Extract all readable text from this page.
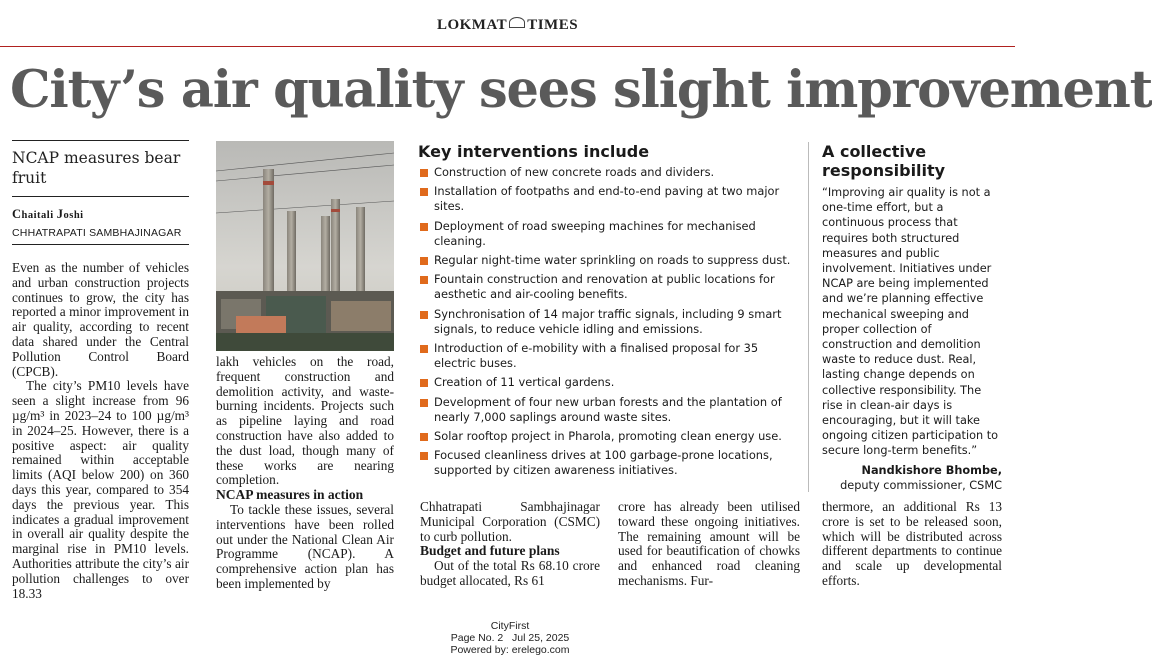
LOKMAT TIMES
City’s air quality sees slight improvement
NCAP measures bear fruit
Chaitali Joshi
CHHATRAPATI SAMBHAJINAGAR

Even as the number of vehicles and urban construction projects continues to grow, the city has reported a minor improvement in air quality, according to recent data shared under the Central Pollution Control Board (CPCB).

The city’s PM10 levels have seen a slight increase from 96 µg/m³ in 2023–24 to 100 µg/m³ in 2024–25. However, there is a positive aspect: air quality remained within acceptable limits (AQI below 200) on 360 days this year, compared to 354 days the previous year. This indicates a gradual improvement in overall air quality despite the marginal rise in PM10 levels. Authorities attribute the city’s air pollution challenges to over 18.33

lakh vehicles on the road, frequent construction and demolition activity, and waste-burning incidents. Projects such as pipeline laying and road construction have also added to the dust load, though many of these works are nearing completion.

NCAP measures in action

To tackle these issues, several interventions have been rolled out under the National Clean Air Programme (NCAP). A comprehensive action plan has been implemented by

Key interventions include
Construction of new concrete roads and dividers.
Installation of footpaths and end-to-end paving at two major sites.
Deployment of road sweeping machines for mechanised cleaning.
Regular night-time water sprinkling on roads to suppress dust.
Fountain construction and renovation at public locations for aesthetic and air-cooling benefits.
Synchronisation of 14 major traffic signals, including 9 smart signals, to reduce vehicle idling and emissions.
Introduction of e-mobility with a finalised proposal for 35 electric buses.
Creation of 11 vertical gardens.
Development of four new urban forests and the plantation of nearly 7,000 saplings around waste sites.
Solar rooftop project in Pharola, promoting clean energy use.
Focused cleanliness drives at 100 garbage-prone locations, supported by citizen awareness initiatives.
A collective responsibility

“Improving air quality is not a one-time effort, but a continuous process that requires both structured measures and public involvement. Initiatives under NCAP are being implemented and we’re planning effective mechanical sweeping and proper collection of construction and demolition waste to reduce dust. Real, lasting change depends on collective responsibility. The rise in clean-air days is encouraging, but it will take ongoing citizen participation to secure long-term benefits.”

Nandkishore Bhombe, deputy commissioner, CSMC

Chhatrapati Sambhajinagar Municipal Corporation (CSMC) to curb pollution.

Budget and future plans

Out of the total Rs 68.10 crore budget allocated, Rs 61

crore has already been utilised toward these ongoing initiatives. The remaining amount will be used for beautification of chowks and enhanced road cleaning mechanisms. Fur-

thermore, an additional Rs 13 crore is set to be released soon, which will be distributed across different departments to continue and scale up developmental efforts.

CityFirst
Page No. 2 Jul 25, 2025
Powered by: erelego.com
